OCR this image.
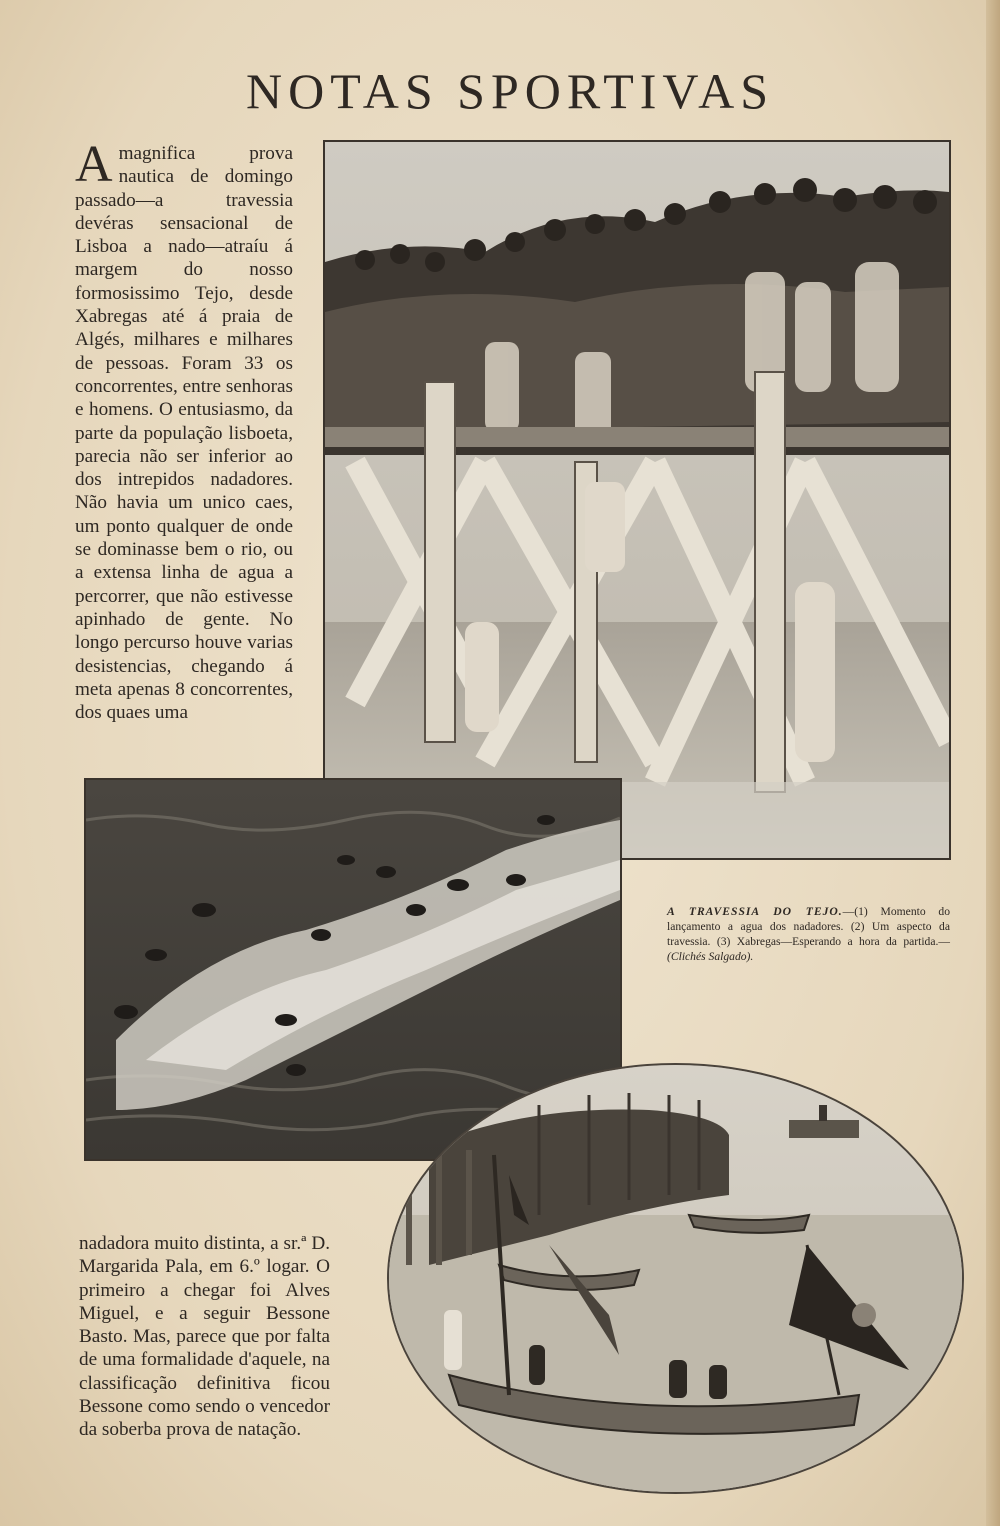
NOTAS SPORTIVAS
A magnifica prova nautica de domingo passado—a travessia devéras sensacional de Lisboa a nado—atraíu á margem do nosso formosissimo Tejo, desde Xabregas até á praia de Algés, milhares e milhares de pessoas. Foram 33 os concorrentes, entre senhoras e homens. O entusiasmo, da parte da população lisboeta, parecia não ser inferior ao dos intrepidos nadadores. Não havia um unico caes, um ponto qualquer de onde se dominasse bem o rio, ou a extensa linha de agua a percorrer, que não estivesse apinhado de gente. No longo percurso houve varias desistencias, chegando á meta apenas 8 concorrentes, dos quaes uma
A TRAVESSIA DO TEJO.—(1) Momento do lançamento a agua dos nadadores. (2) Um aspecto da travessia. (3) Xabregas—Esperando a hora da partida.—(Clichés Salgado).
nadadora muito distinta, a sr.ª D. Margarida Pala, em 6.º logar. O primeiro a chegar foi Alves Miguel, e a seguir Bessone Basto. Mas, parece que por falta de uma formalidade d'aquele, na classificação definitiva ficou Bessone como sendo o vencedor da soberba prova de natação.
